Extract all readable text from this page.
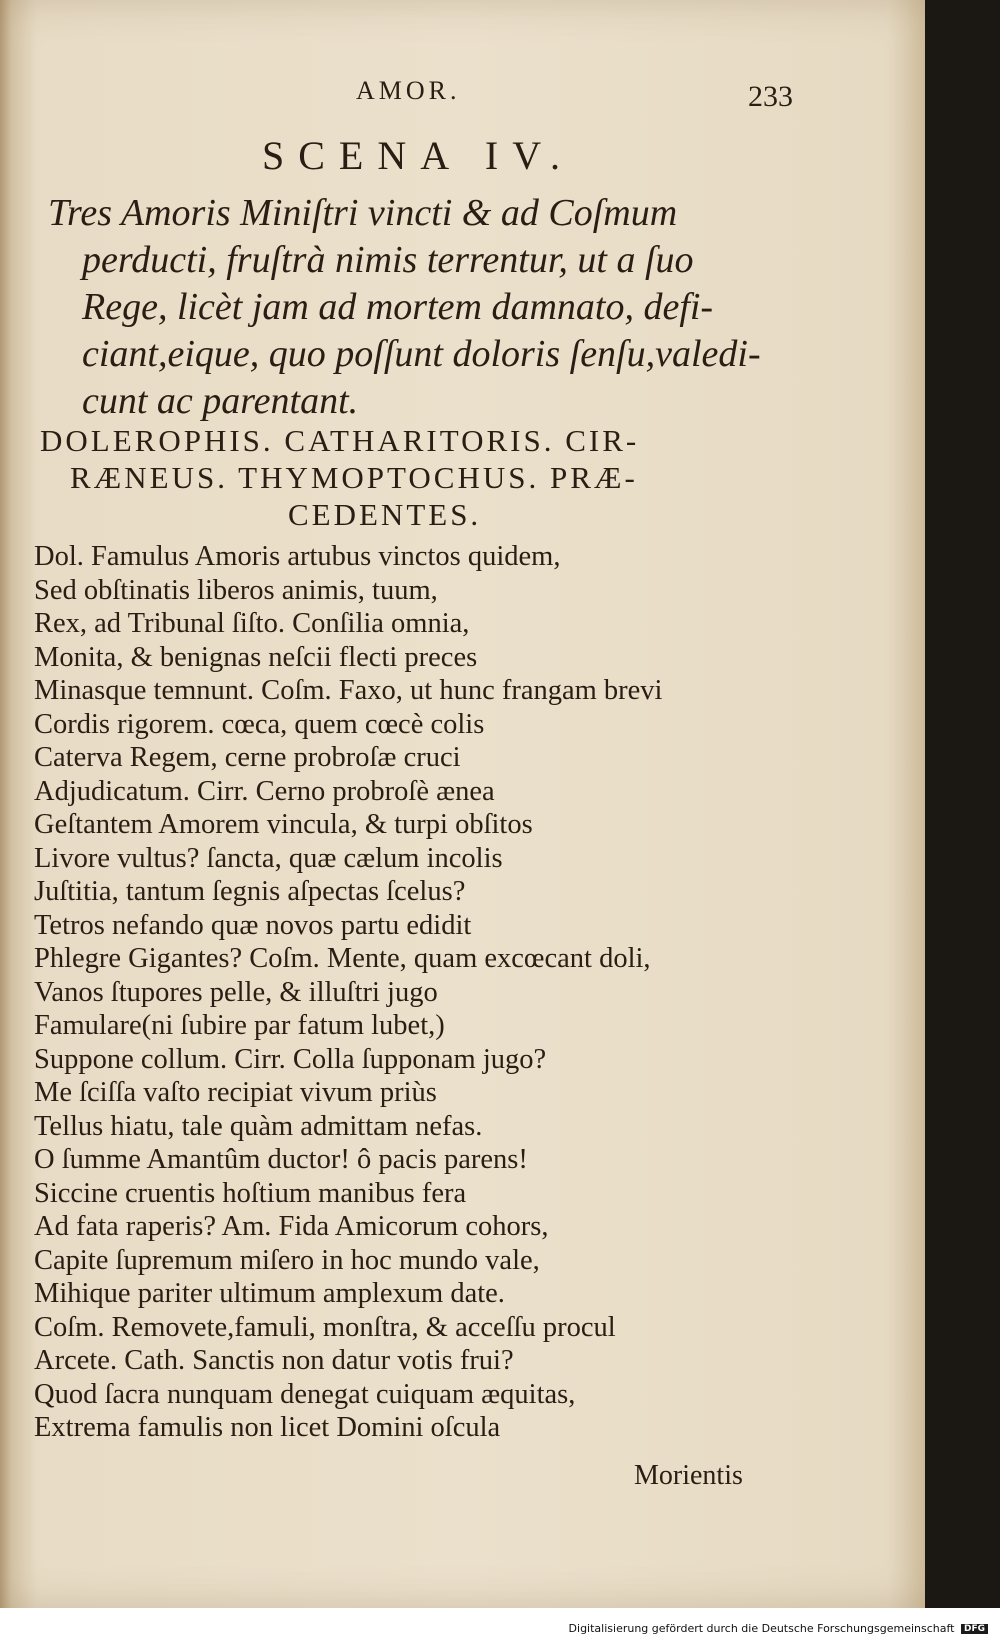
AMOR.	233
SCENA IV.
Tres Amoris Miniſtri vincti & ad Coſmum
perducti, fruſtrà nimis terrentur, ut a ſuo
Rege, licèt jam ad mortem damnato, defi-
ciant,eique, quo poſſunt doloris ſenſu,valedi-
cunt ac parentant.
DOLEROPHIS. CATHARITORIS. CIR-
RÆNEUS. THYMOPTOCHUS. PRÆ-
CEDENTES.
Dol. Famulus Amoris artubus vinctos quidem,
Sed obſtinatis liberos animis, tuum,
Rex, ad Tribunal ſiſto. Conſilia omnia,
Monita, & benignas neſcii flecti preces
Minasque temnunt. Coſm. Faxo, ut hunc frangam brevi
Cordis rigorem. cœca, quem cœcè colis
Caterva Regem, cerne probroſæ cruci
Adjudicatum. Cirr. Cerno probroſè ænea
Geſtantem Amorem vincula, & turpi obſitos
Livore vultus? ſancta, quæ cælum incolis
Juſtitia, tantum ſegnis aſpectas ſcelus?
Tetros nefando quæ novos partu edidit
Phlegre Gigantes? Coſm. Mente, quam excœcant doli,
Vanos ſtupores pelle, & illuſtri jugo
Famulare(ni ſubire par fatum lubet,)
Suppone collum. Cirr. Colla ſupponam jugo?
Me ſciſſa vaſto recipiat vivum priùs
Tellus hiatu, tale quàm admittam nefas.
O ſumme Amantûm ductor! ô pacis parens!
Siccine cruentis hoſtium manibus fera
Ad fata raperis? Am. Fida Amicorum cohors,
Capite ſupremum miſero in hoc mundo vale,
Mihique pariter ultimum amplexum date.
Coſm. Removete,famuli, monſtra, & acceſſu procul
Arcete. Cath. Sanctis non datur votis frui?
Quod ſacra nunquam denegat cuiquam æquitas,
Extrema famulis non licet Domini oſcula
Morientis
Digitalisierung gefördert durch die Deutsche Forschungsgemeinschaft DFG
